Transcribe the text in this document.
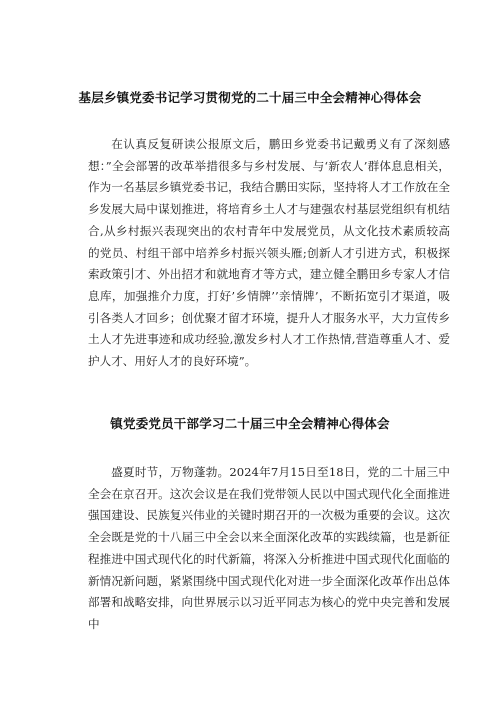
基层乡镇党委书记学习贯彻党的二十届三中全会精神心得体会

在认真反复研读公报原文后，鹏田乡党委书记戴勇义有了深刻感想：”全会部署的改革举措很多与乡村发展、与‘新农人’群体息息相关，作为一名基层乡镇党委书记，我结合鹏田实际，坚持将人才工作放在全乡发展大局中谋划推进，将培育乡土人才与建强农村基层党组织有机结合,从乡村振兴表现突出的农村青年中发展党员，从文化技术素质较高的党员、村组干部中培养乡村振兴领头雁;创新人才引进方式，积极探索政策引才、外出招才和就地育才等方式，建立健全鹏田乡专家人才信息库，加强推介力度，打好’乡情牌’’亲情牌’，不断拓宽引才渠道，吸引各类人才回乡；创优聚才留才环境，提升人才服务水平，大力宣传乡土人才先进事迹和成功经验,激发乡村人才工作热情,营造尊重人才、爱护人才、用好人才的良好环境”。

镇党委党员干部学习二十届三中全会精神心得体会

盛夏时节，万物蓬勃。2024年7月15日至18日，党的二十届三中全会在京召开。这次会议是在我们党带领人民以中国式现代化全面推进强国建设、民族复兴伟业的关键时期召开的一次极为重要的会议。这次全会既是党的十八届三中全会以来全面深化改革的实践续篇，也是新征程推进中国式现代化的时代新篇，将深入分析推进中国式现代化面临的新情况新问题，紧紧围绕中国式现代化对进一步全面深化改革作出总体部署和战略安排，向世界展示以习近平同志为核心的党中央完善和发展中
